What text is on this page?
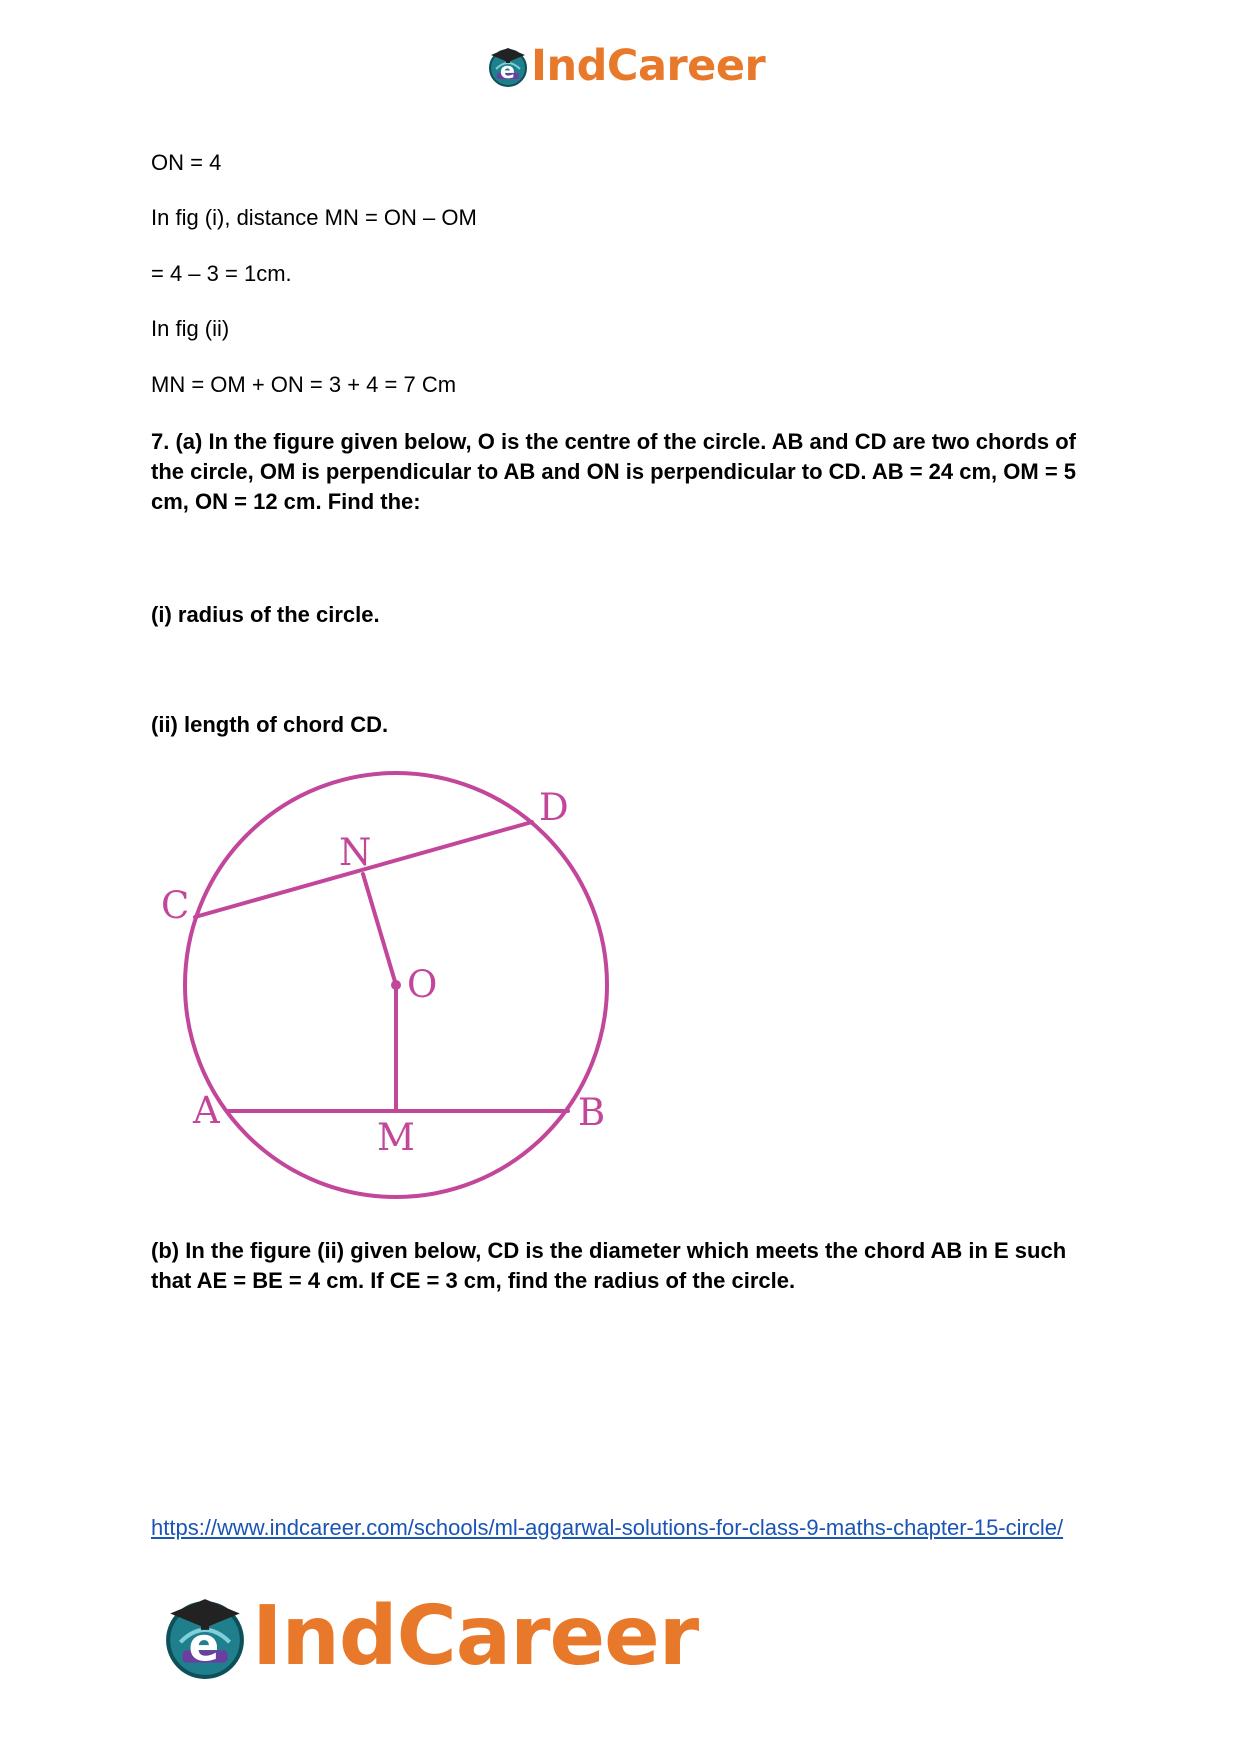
e IndCareer
ON = 4
In fig (i), distance MN = ON – OM
= 4 – 3 = 1cm.
In fig (ii)
MN = OM + ON = 3 + 4 = 7 Cm
7. (a) In the figure given below, O is the centre of the circle. AB and CD are two chords of the circle, OM is perpendicular to AB and ON is perpendicular to CD. AB = 24 cm, OM = 5 cm, ON = 12 cm. Find the:
(i) radius of the circle.
(ii) length of chord CD.
C
D
N
O
A	B
M
(b) In the figure (ii) given below, CD is the diameter which meets the chord AB in E such that AE = BE = 4 cm. If CE = 3 cm, find the radius of the circle.
https://www.indcareer.com/schools/ml-aggarwal-solutions-for-class-9-maths-chapter-15-circle/
e IndCareer
